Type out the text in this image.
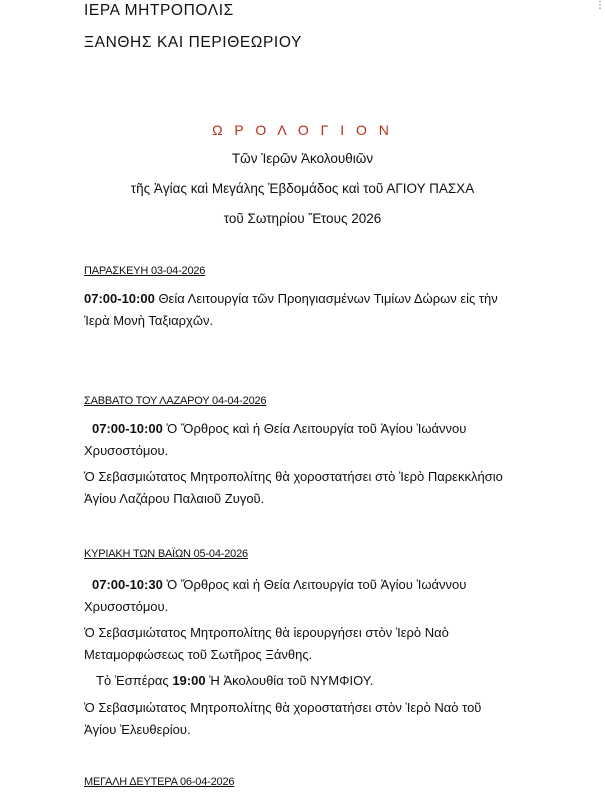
⋮
ΙΕΡΑ ΜΗΤΡΟΠΟΛΙΣ
ΞΑΝΘΗΣ ΚΑΙ ΠΕΡΙΘΕΩΡΙΟΥ
Ω Ρ Ο Λ Ο Γ Ι Ο Ν
Τῶν Ἱερῶν Ἀκολουθιῶν
τῆς Ἁγίας καὶ Μεγάλης Ἑβδομάδος καὶ τοῦ ΑΓΙΟΥ ΠΑΣΧΑ
τοῦ Σωτηρίου Ἔτους 2026
ΠΑΡΑΣΚΕΥΗ 03-04-2026
07:00-10:00 Θεία Λειτουργία τῶν Προηγιασμένων Τιμίων Δώρων εἰς τὴν Ἱερὰ Μονὴ Ταξιαρχῶν.
ΣΑΒΒΑΤΟ ΤΟΥ ΛΑΖΑΡΟΥ 04-04-2026
07:00-10:00 Ὁ Ὄρθρος καὶ ἡ Θεία Λειτουργία τοῦ Ἁγίου Ἰωάννου Χρυσοστόμου.
Ὁ Σεβασμιώτατος Μητροπολίτης θὰ χοροστατήσει στὸ Ἱερὸ Παρεκκλήσιο Ἁγίου Λαζάρου Παλαιοῦ Ζυγοῦ.
ΚΥΡΙΑΚΗ ΤΩΝ ΒΑΪΩΝ 05-04-2026
07:00-10:30 Ὁ Ὄρθρος καὶ ἡ Θεία Λειτουργία τοῦ Ἁγίου Ἰωάννου Χρυσοστόμου.
Ὁ Σεβασμιώτατος Μητροπολίτης θὰ ἱερουργήσει στὸν Ἱερὸ Ναὸ Μεταμορφώσεως τοῦ Σωτῆρος Ξάνθης.
Τὸ Ἑσπέρας 19:00 Ἡ Ἀκολουθία τοῦ ΝΥΜΦΙΟΥ.
Ὁ Σεβασμιώτατος Μητροπολίτης θὰ χοροστατήσει στὸν Ἱερὸ Ναὸ τοῦ Ἁγίου Ἐλευθερίου.
ΜΕΓΑΛΗ ΔΕΥΤΕΡΑ 06-04-2026
